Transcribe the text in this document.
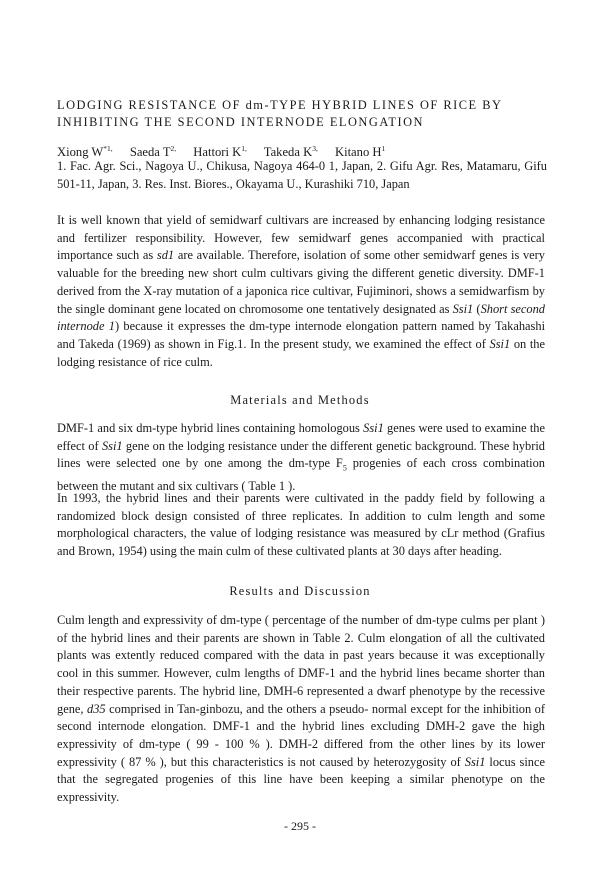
LODGING RESISTANCE OF dm-TYPE HYBRID LINES OF RICE BY INHIBITING THE SECOND INTERNODE ELONGATION
Xiong $W^{*1,}$ Saeda $T^{2,}$ Hattori $K^{1,}$ Takeda $K^{3,}$ Kitano $H^1$
1. Fac. Agr. Sci., Nagoya U., Chikusa, Nagoya 464-0 1, Japan, 2. Gifu Agr. Res, Matamaru, Gifu 501-11, Japan, 3. Res. Inst. Biores., Okayama U., Kurashiki 710, Japan

It is well known that yield of semidwarf cultivars are increased by enhancing lodging resistance and fertilizer responsibility. However, few semidwarf genes accompanied with practical importance such as sd1 are available. Therefore, isolation of some other semidwarf genes is very valuable for the breeding new short culm cultivars giving the different genetic diversity. DMF-1 derived from the X-ray mutation of a japonica rice cultivar, Fujiminori, shows a semidwarfism by the single dominant gene located on chromosome one tentatively designated as Ssi1 (Short second internode 1) because it expresses the dm-type internode elongation pattern named by Takahashi and Takeda (1969) as shown in Fig.1. In the present study, we examined the effect of Ssi1 on the lodging resistance of rice culm.

Materials and Methods

DMF-1 and six dm-type hybrid lines containing homologous Ssi1 genes were used to examine the effect of Ssi1 gene on the lodging resistance under the different genetic background. These hybrid lines were selected one by one among the dm-type $F_5$ progenies of each cross combination between the mutant and six cultivars ( Table 1 ).

In 1993, the hybrid lines and their parents were cultivated in the paddy field by following a randomized block design consisted of three replicates. In addition to culm length and some morphological characters, the value of lodging resistance was measured by cLr method (Grafius and Brown, 1954) using the main culm of these cultivated plants at 30 days after heading.

Results and Discussion

Culm length and expressivity of dm-type ( percentage of the number of dm-type culms per plant ) of the hybrid lines and their parents are shown in Table 2. Culm elongation of all the cultivated plants was extently reduced compared with the data in past years because it was exceptionally cool in this summer. However, culm lengths of DMF-1 and the hybrid lines became shorter than their respective parents. The hybrid line, DMH-6 represented a dwarf phenotype by the recessive gene, d35 comprised in Tan-ginbozu, and the others a pseudo- normal except for the inhibition of second internode elongation. DMF-1 and the hybrid lines excluding DMH-2 gave the high expressivity of dm-type ( 99 - 100 % ). DMH-2 differed from the other lines by its lower expressivity ( 87 % ), but this characteristics is not caused by heterozygosity of Ssi1 locus since that the segregated progenies of this line have been keeping a similar phenotype on the expressivity.

- 295 -
